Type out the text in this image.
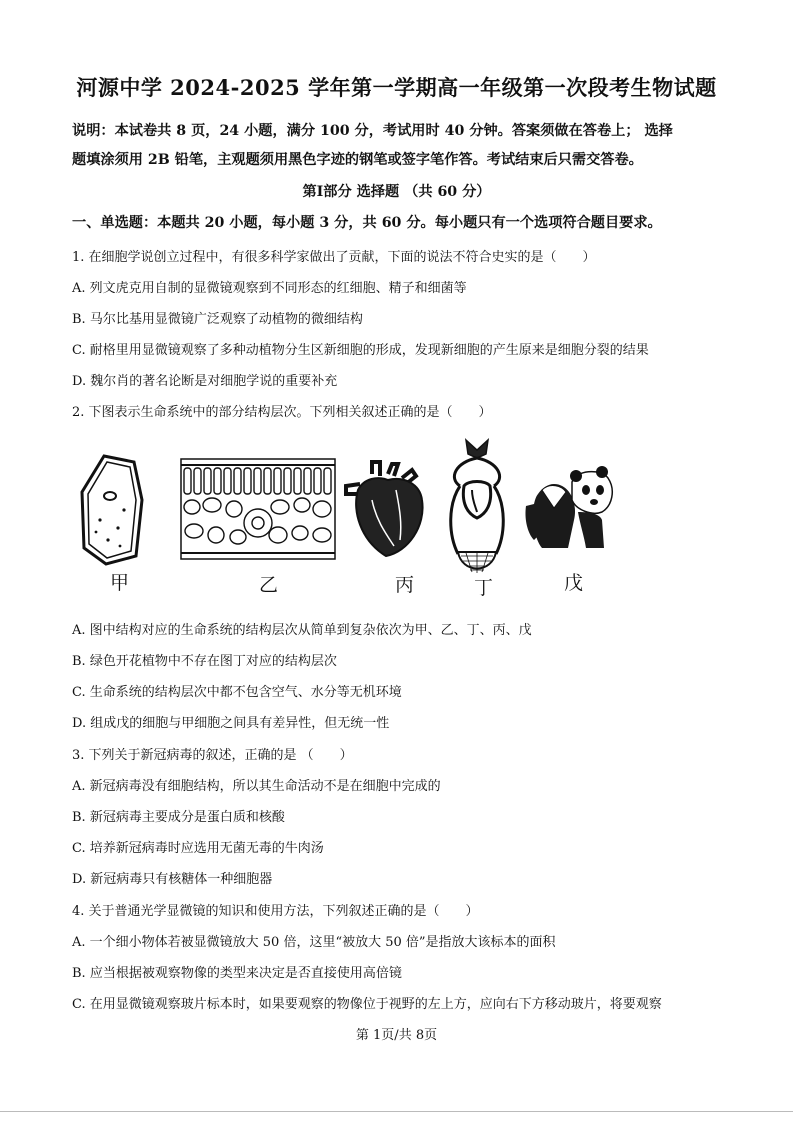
河源中学 2024-2025 学年第一学期高一年级第一次段考生物试题
说明：本试卷共 8 页，24 小题，满分 100 分，考试用时 40 分钟。答案须做在答卷上； 选择
题填涂须用 2B 铅笔，主观题须用黑色字迹的钢笔或签字笔作答。考试结束后只需交答卷。
第Ⅰ部分 选择题 （共 60 分）
一、单选题：本题共 20 小题，每小题 3 分，共 60 分。每小题只有一个选项符合题目要求。
1. 在细胞学说创立过程中，有很多科学家做出了贡献，下面的说法不符合史实的是（　　）
A. 列文虎克用自制的显微镜观察到不同形态的红细胞、精子和细菌等
B. 马尔比基用显微镜广泛观察了动植物的微细结构
C. 耐格里用显微镜观察了多种动植物分生区新细胞的形成，发现新细胞的产生原来是细胞分裂的结果
D. 魏尔肖的著名论断是对细胞学说的重要补充
2. 下图表示生命系统中的部分结构层次。下列相关叙述正确的是（　　）
甲	乙	丙	丁	戊
A. 图中结构对应的生命系统的结构层次从简单到复杂依次为甲、乙、丁、丙、戊
B. 绿色开花植物中不存在图丁对应的结构层次
C. 生命系统的结构层次中都不包含空气、水分等无机环境
D. 组成戊的细胞与甲细胞之间具有差异性，但无统一性
3. 下列关于新冠病毒的叙述，正确的是 （　　）
A. 新冠病毒没有细胞结构，所以其生命活动不是在细胞中完成的
B. 新冠病毒主要成分是蛋白质和核酸
C. 培养新冠病毒时应选用无菌无毒的牛肉汤
D. 新冠病毒只有核糖体一种细胞器
4. 关于普通光学显微镜的知识和使用方法，下列叙述正确的是（　　）
A. 一个细小物体若被显微镜放大 50 倍，这里“被放大 50 倍”是指放大该标本的面积
B. 应当根据被观察物像的类型来决定是否直接使用高倍镜
C. 在用显微镜观察玻片标本时，如果要观察的物像位于视野的左上方，应向右下方移动玻片，将要观察
第 1页/共 8页
